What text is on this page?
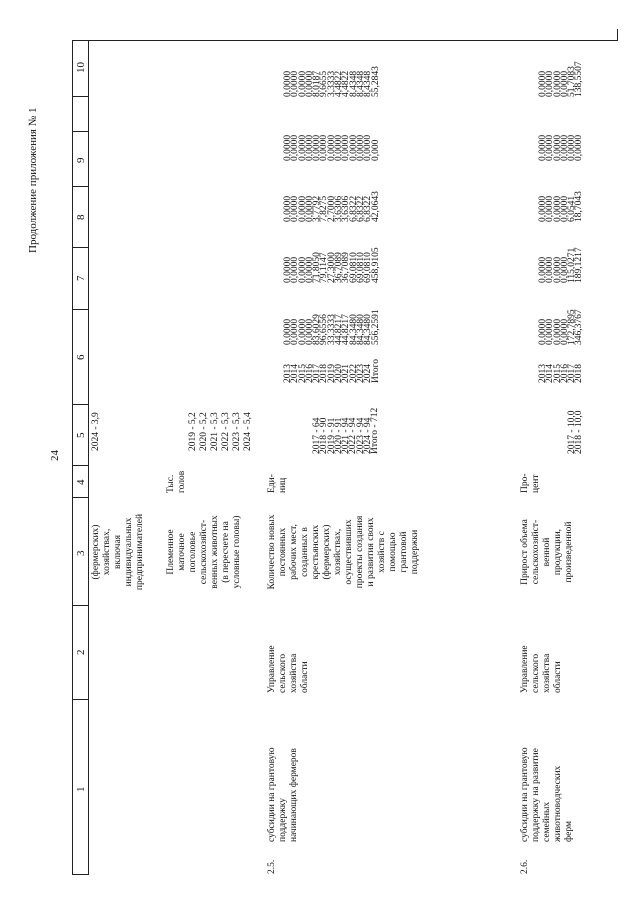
24
Продолжение приложения № 1
1
2
3
4
5
6
7
8
9
10
(фермерских) хозяйствах, включая индивидуальных предпринимателей
2024 - 3,9
Племенное маточное поголовье сельскохозяйст- венных животных (в пересчете на условные головы)
Тыс. голов
2019 - 5,2 2020 - 5,2 2021 - 5,3 2022 - 5,3 2023 - 5,3 2024 - 5,4
2.5.
субсидии на грантовую поддержку начинающих фермеров
Управление сельского хозяйства области
Количество новых постоянных рабочих мест, созданных в крестьянских (фермерских) хозяйствах, осуществивших проекты создания и развития своих хозяйств с помощью грантовой поддержки
Еди- ниц
2017 - 64
2018 - 90
2019 - 91
2020 - 91
2021 - 94
2022 - 94
2023 - 94
2024 - 94
Итого - 712
2013
2014
2015
2016
2017
2018
2019
2020
2021
2022
2023
2024
Итого
0,0000
0,0000
0,0000
0,0000
83,6029
96,6556
33,3333
44,8217
44,8217
84,3480
84,3480
84,3480
556,2591
0,0000
0,0000
0,0000
0,0000
71,8050
79,1147
27,3000
36,7089
36,7089
69,0810
69,0810
69,0810
458,9105
0,0000
0,0000
0,0000
0,0000
3,7792
7,8275
2,7000
3,6306
3,6306
6,8322
6,8322
6,8322
42,0643
0,0000
0,0000
0,0000
0,0000
0,0000
0,0000
0,0000
0,0000
0,0000
0,0000
0,0000
0,0000
0,000
0,0000
0,0000
0,0000
0,0000
8,0187
9,6655
3,3333
4,4822
4,4822
8,4348
8,4348
8,4348
55,2843
2.6.
субсидии на грантовую поддержку на развитие семейных животноводческих ферм
Управление сельского хозяйства области
Прирост объема сельскохозяйст- венной продукции, произведенной
Про- цент
2017 - 10,0
2018 - 10,0
2013
2014
2015
2016
2017
2018
0,0000
0,0000
0,0000
0,0000
172,7895
346,3767
0,0000
0,0000
0,0000
0,0000
115,0271
189,1217
0,0000
0,0000
0,0000
0,0000
6,0541
18,7043
0,0000
0,0000
0,0000
0,0000
0,0000
0,0000
0,0000
0,0000
0,0000
0,0000
51,7083
138,5507
